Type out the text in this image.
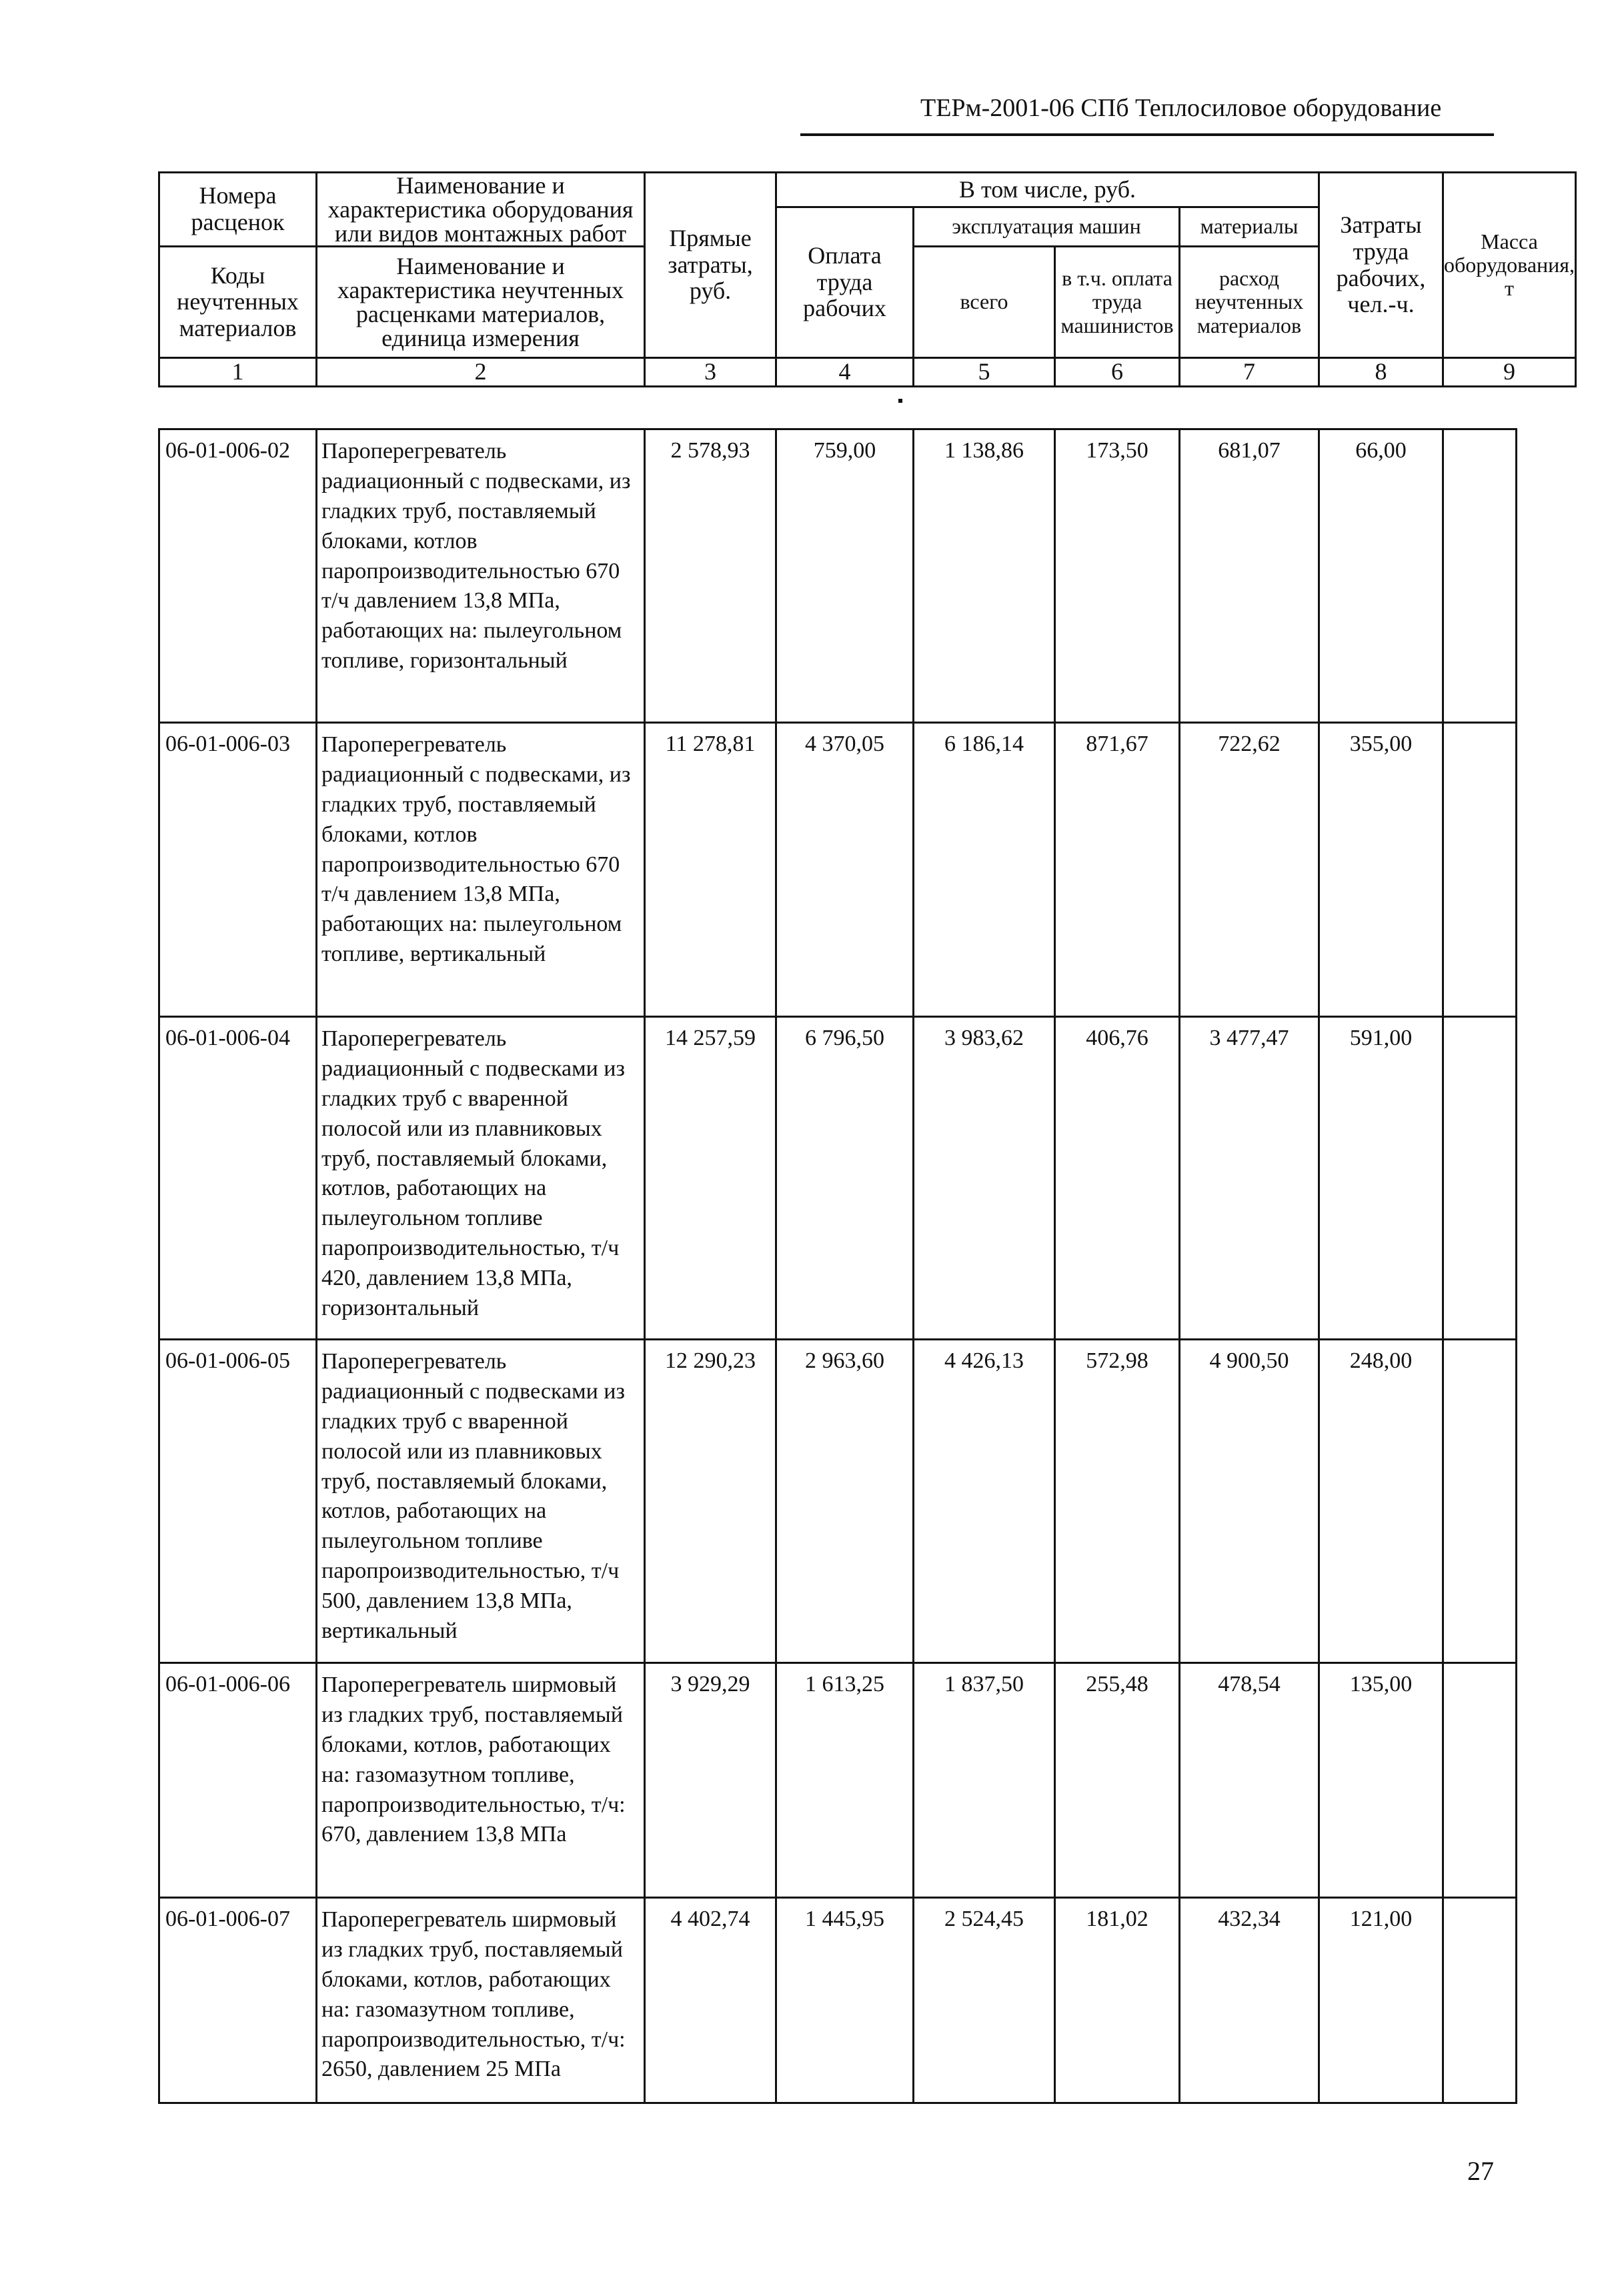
ТЕРм-2001-06 СПб Теплосиловое оборудование
Номера расценок	Наименование и характеристика оборудования или видов монтажных работ	Прямые затраты, руб.	В том числе, руб.				Затраты труда рабочих, чел.-ч.	Масса оборудования, т
			Оплата труда рабочих	эксплуатация машин		материалы		
Коды неучтенных материалов	Наименование и характеристика неучтенных расценками материалов, единица измерения			всего	в т.ч. оплата труда машинистов	расход неучтенных материалов		

1	2	3	4	5	6	7	8	9
06-01-006-02	Пароперегреватель радиационный с подвесками, из гладких труб, поставляемый блоками, котлов паропроизводительностью 670 т/ч давлением 13,8 МПа, работающих на: пылеугольном топливе, горизонтальный	2 578,93	759,00	1 138,86	173,50	681,07	66,00	
06-01-006-03	Пароперегреватель радиационный с подвесками, из гладких труб, поставляемый блоками, котлов паропроизводительностью 670 т/ч давлением 13,8 МПа, работающих на: пылеугольном топливе, вертикальный	11 278,81	4 370,05	6 186,14	871,67	722,62	355,00	
06-01-006-04	Пароперегреватель радиационный с подвесками из гладких труб с вваренной полосой или из плавниковых труб, поставляемый блоками, котлов, работающих на пылеугольном топливе паропроизводительностью, т/ч 420, давлением 13,8 МПа, горизонтальный	14 257,59	6 796,50	3 983,62	406,76	3 477,47	591,00	
06-01-006-05	Пароперегреватель радиационный с подвесками из гладких труб с вваренной полосой или из плавниковых труб, поставляемый блоками, котлов, работающих на пылеугольном топливе паропроизводительностью, т/ч 500, давлением 13,8 МПа, вертикальный	12 290,23	2 963,60	4 426,13	572,98	4 900,50	248,00	
06-01-006-06	Пароперегреватель ширмовый из гладких труб, поставляемый блоками, котлов, работающих на: газомазутном топливе, паропроизводительностью, т/ч: 670, давлением 13,8 МПа	3 929,29	1 613,25	1 837,50	255,48	478,54	135,00	
06-01-006-07	Пароперегреватель ширмовый из гладких труб, поставляемый блоками, котлов, работающих на: газомазутном топливе, паропроизводительностью, т/ч: 2650, давлением 25 МПа	4 402,74	1 445,95	2 524,45	181,02	432,34	121,00	
27
